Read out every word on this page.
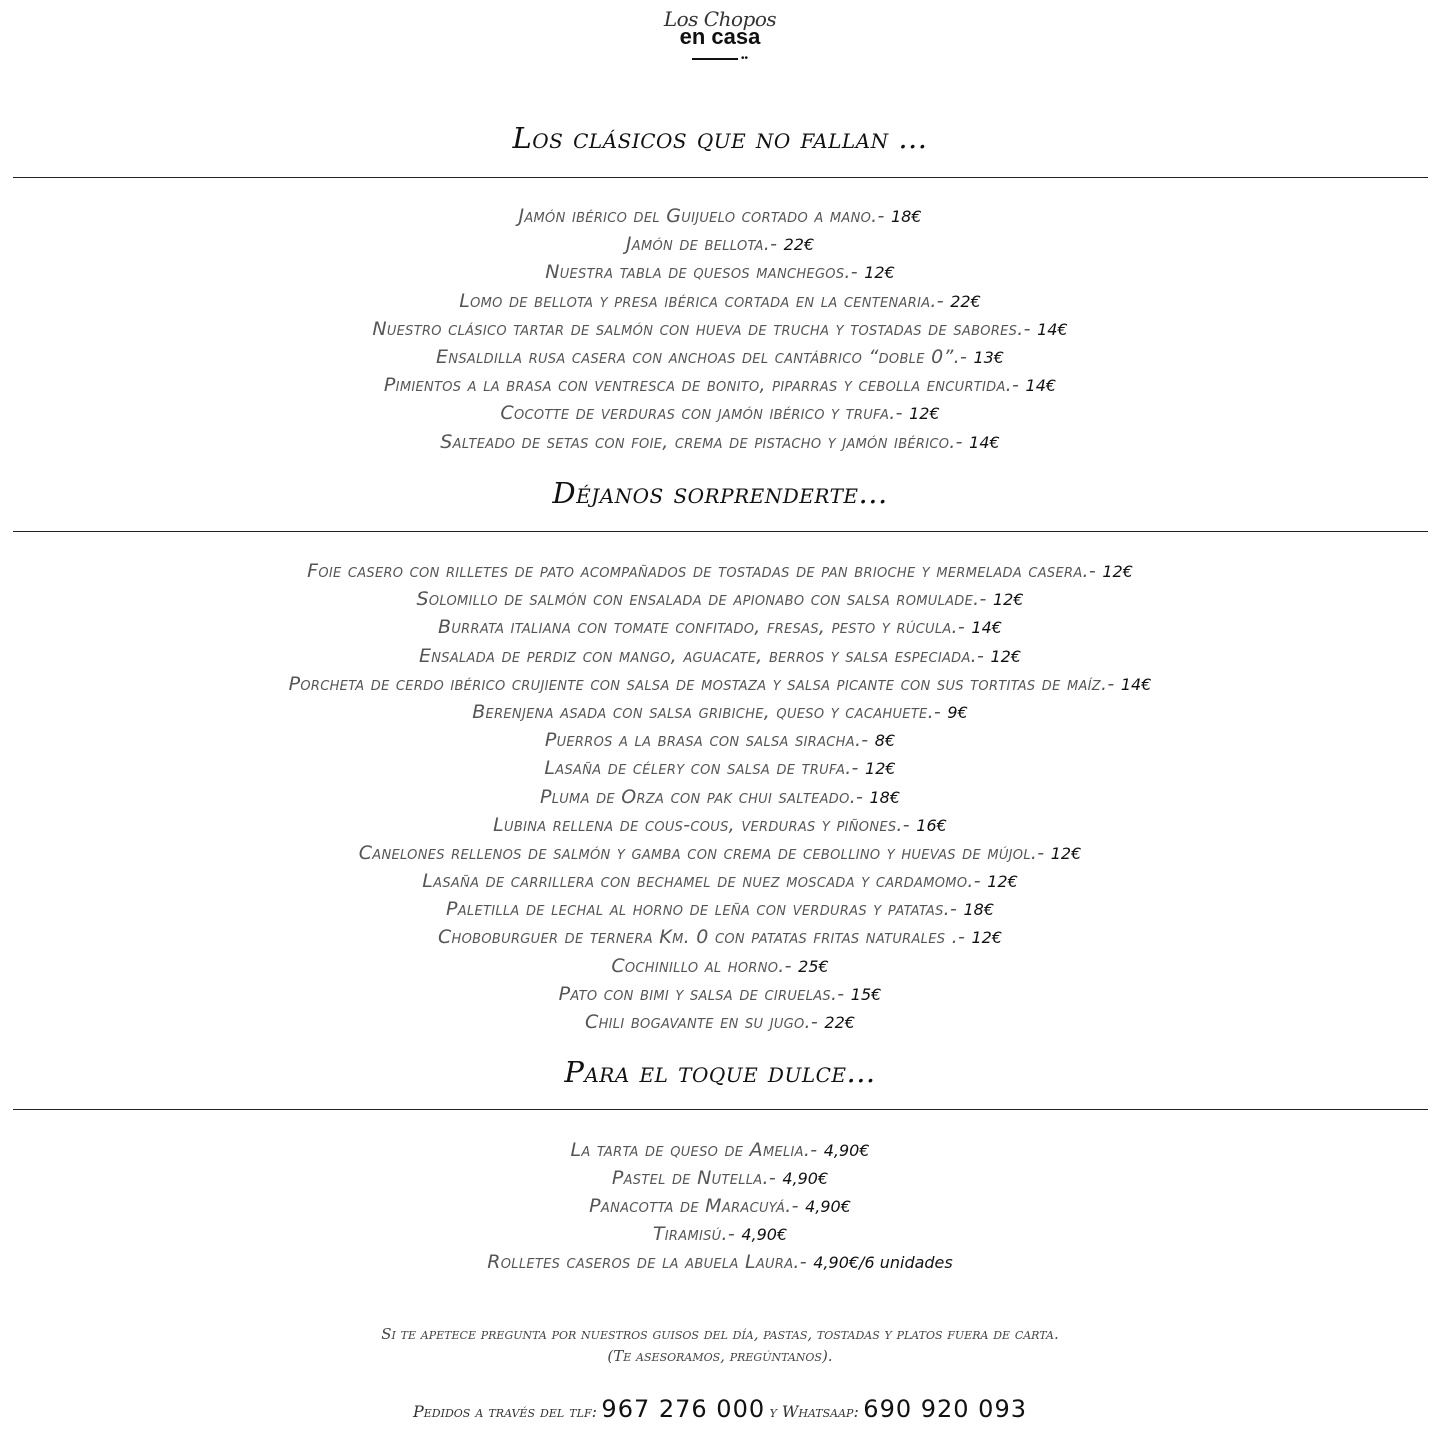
Los Chopos
en casa
••
Los clásicos que no fallan ...
Jamón ibérico del Guijuelo cortado a mano.- 18€
Jamón de bellota.- 22€
Nuestra tabla de quesos manchegos.- 12€
Lomo de bellota y presa ibérica cortada en la centenaria.- 22€
Nuestro clásico tartar de salmón con hueva de trucha y tostadas de sabores.- 14€
Ensaldilla rusa casera con anchoas del cantábrico “doble 0”.- 13€
Pimientos a la brasa con ventresca de bonito, piparras y cebolla encurtida.- 14€
Cocotte de verduras con jamón ibérico y trufa.- 12€
Salteado de setas con foie, crema de pistacho y jamón ibérico.- 14€
Déjanos sorprenderte...
Foie casero con rilletes de pato acompañados de tostadas de pan brioche y mermelada casera.- 12€
Solomillo de salmón con ensalada de apionabo con salsa romulade.- 12€
Burrata italiana con tomate confitado, fresas, pesto y rúcula.- 14€
Ensalada de perdiz con mango, aguacate, berros y salsa especiada.- 12€
Porcheta de cerdo ibérico crujiente con salsa de mostaza y salsa picante con sus tortitas de maíz.- 14€
Berenjena asada con salsa gribiche, queso y cacahuete.- 9€
Puerros a la brasa con salsa siracha.- 8€
Lasaña de célery con salsa de trufa.- 12€
Pluma de Orza con pak chui salteado.- 18€
Lubina rellena de cous-cous, verduras y piñones.- 16€
Canelones rellenos de salmón y gamba con crema de cebollino y huevas de mújol.- 12€
Lasaña de carrillera con bechamel de nuez moscada y cardamomo.- 12€
Paletilla de lechal al horno de leña con verduras y patatas.- 18€
Choboburguer de ternera Km. 0 con patatas fritas naturales .- 12€
Cochinillo al horno.- 25€
Pato con bimi y salsa de ciruelas.- 15€
Chili bogavante en su jugo.- 22€
Para el toque dulce...
La tarta de queso de Amelia.- 4,90€
Pastel de Nutella.- 4,90€
Panacotta de Maracuyá.- 4,90€
Tiramisú.- 4,90€
Rolletes caseros de la abuela Laura.- 4,90€/6 unidades
Si te apetece pregunta por nuestros guisos del día, pastas, tostadas y platos fuera de carta.
(Te asesoramos, pregúntanos).
Pedidos a través del tlf: 967 276 000 y Whatsaap: 690 920 093
